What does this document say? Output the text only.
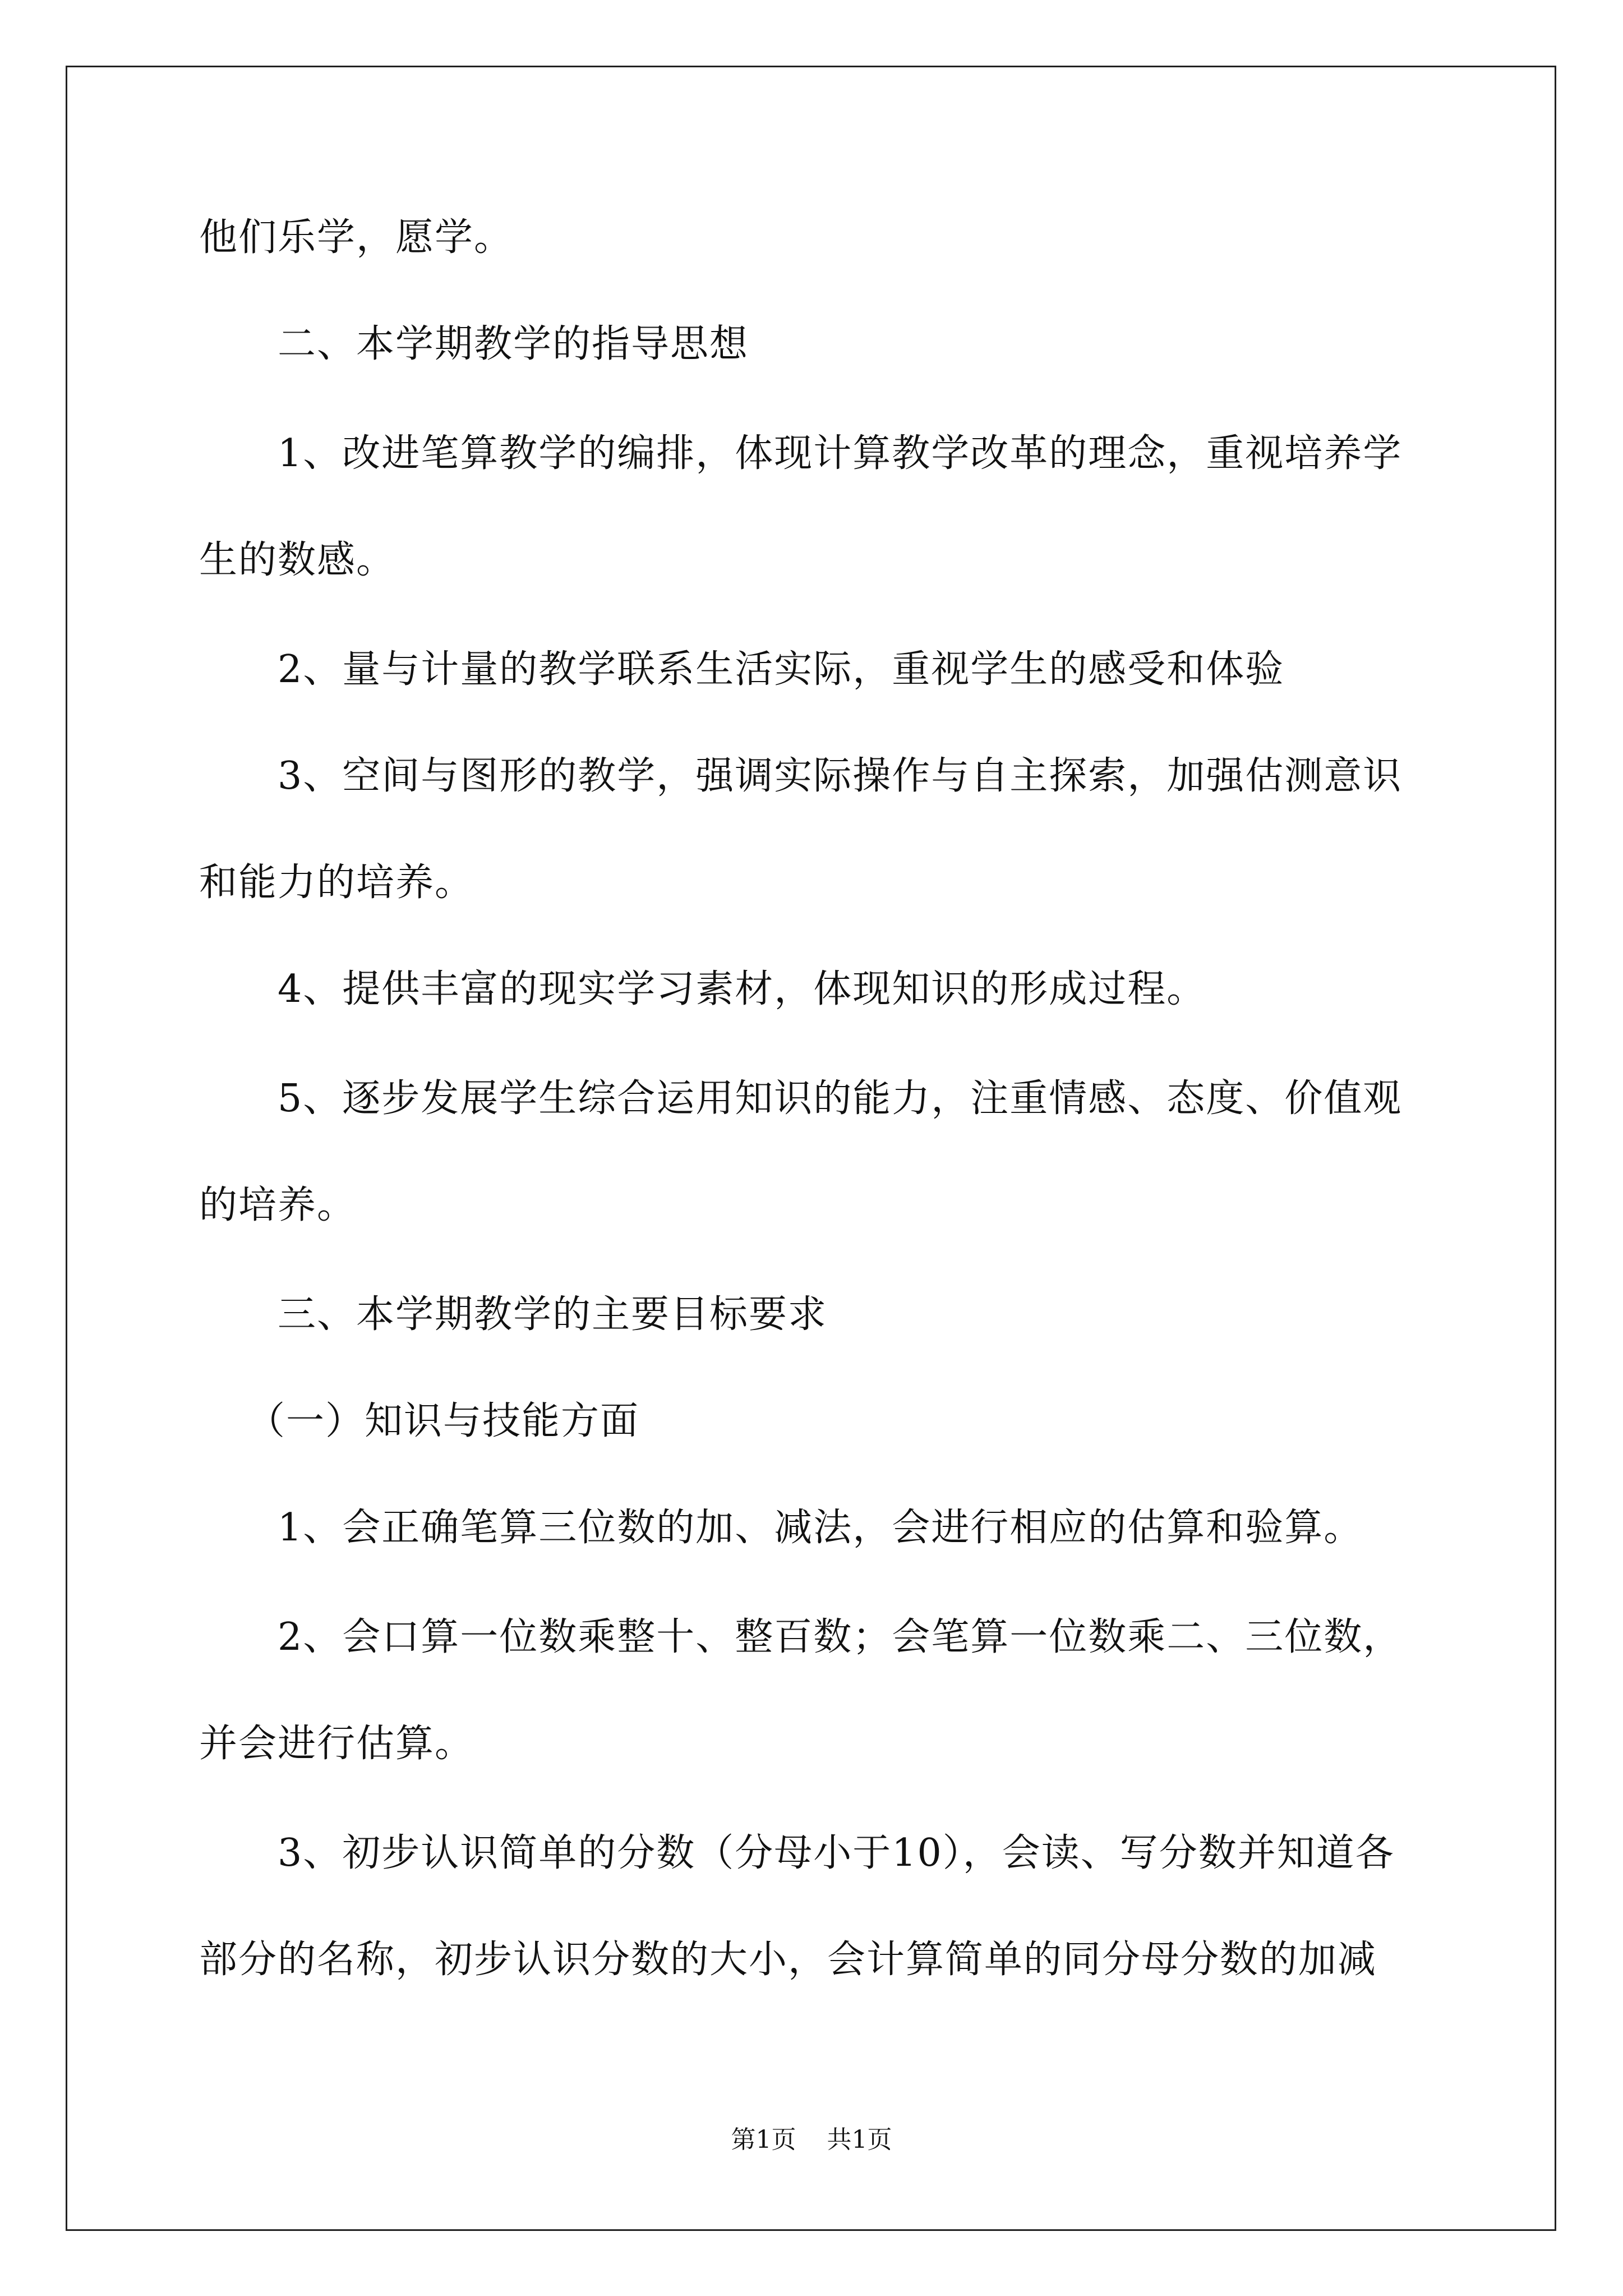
他们乐学，愿学。
二、本学期教学的指导思想
1、改进笔算教学的编排，体现计算教学改革的理念，重视培养学
生的数感。
2、量与计量的教学联系生活实际，重视学生的感受和体验
3、空间与图形的教学，强调实际操作与自主探索，加强估测意识
和能力的培养。
4、提供丰富的现实学习素材，体现知识的形成过程。
5、逐步发展学生综合运用知识的能力，注重情感、态度、价值观
的培养。
三、本学期教学的主要目标要求
（一）知识与技能方面
1、会正确笔算三位数的加、减法，会进行相应的估算和验算。
2、会口算一位数乘整十、整百数；会笔算一位数乘二、三位数，
并会进行估算。
3、初步认识简单的分数（分母小于10），会读、写分数并知道各
部分的名称，初步认识分数的大小，会计算简单的同分母分数的加减
第1页 共1页
